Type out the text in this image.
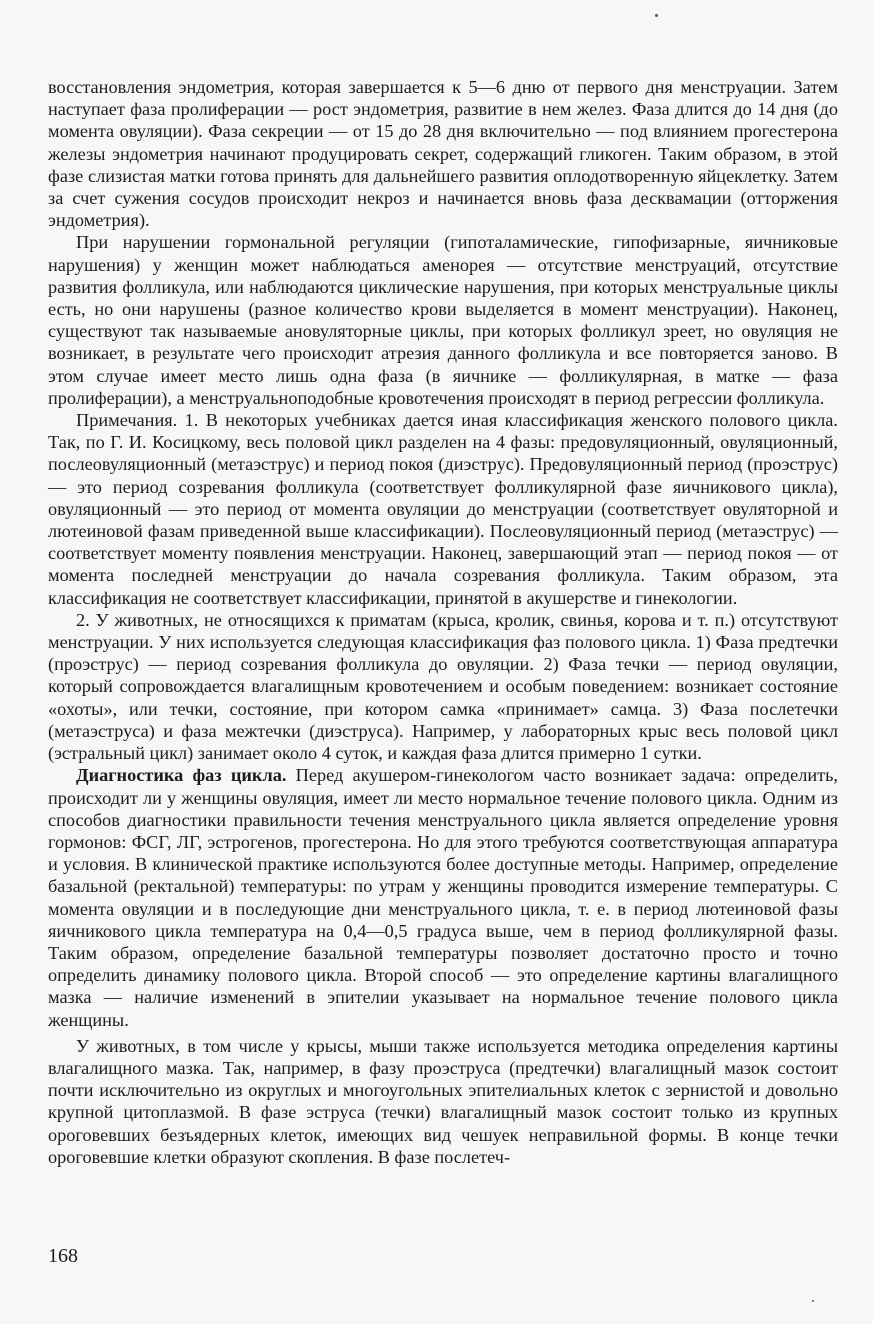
восстановления эндометрия, которая завершается к 5—6 дню от первого дня менструации. Затем наступает фаза пролиферации — рост эндометрия, развитие в нем желез. Фаза длится до 14 дня (до момента овуляции). Фаза секреции — от 15 до 28 дня включительно — под влиянием прогестерона железы эндометрия начинают продуцировать секрет, содержащий гликоген. Таким образом, в этой фазе слизистая матки готова принять для дальнейшего развития оплодотворенную яйцеклетку. Затем за счет сужения сосудов происходит некроз и начинается вновь фаза десквамации (отторжения эндометрия).

При нарушении гормональной регуляции (гипоталамические, гипофизарные, яичниковые нарушения) у женщин может наблюдаться аменорея — отсутствие менструаций, отсутствие развития фолликула, или наблюдаются циклические нарушения, при которых менструальные циклы есть, но они нарушены (разное количество крови выделяется в момент менструации). Наконец, существуют так называемые ановуляторные циклы, при которых фолликул зреет, но овуляция не возникает, в результате чего происходит атрезия данного фолликула и все повторяется заново. В этом случае имеет место лишь одна фаза (в яичнике — фолликулярная, в матке — фаза пролиферации), а менструальноподобные кровотечения происходят в период регрессии фолликула.

Примечания. 1. В некоторых учебниках дается иная классификация женского полового цикла. Так, по Г. И. Косицкому, весь половой цикл разделен на 4 фазы: предовуляционный, овуляционный, послеовуляционный (метаэструс) и период покоя (диэструс). Предовуляционный период (проэструс) — это период созревания фолликула (соответствует фолликулярной фазе яичникового цикла), овуляционный — это период от момента овуляции до менструации (соответствует овуляторной и лютеиновой фазам приведенной выше классификации). Послеовуляционный период (метаэструс) — соответствует моменту появления менструации. Наконец, завершающий этап — период покоя — от момента последней менструации до начала созревания фолликула. Таким образом, эта классификация не соответствует классификации, принятой в акушерстве и гинекологии.

2. У животных, не относящихся к приматам (крыса, кролик, свинья, корова и т. п.) отсутствуют менструации. У них используется следующая классификация фаз полового цикла. 1) Фаза предтечки (проэструс) — период созревания фолликула до овуляции. 2) Фаза течки — период овуляции, который сопровождается влагалищным кровотечением и особым поведением: возникает состояние «охоты», или течки, состояние, при котором самка «принимает» самца. 3) Фаза послетечки (метаэструса) и фаза межтечки (диэструса). Например, у лабораторных крыс весь половой цикл (эстральный цикл) занимает около 4 суток, и каждая фаза длится примерно 1 сутки.

Диагностика фаз цикла. Перед акушером-гинекологом часто возникает задача: определить, происходит ли у женщины овуляция, имеет ли место нормальное течение полового цикла. Одним из способов диагностики правильности течения менструального цикла является определение уровня гормонов: ФСГ, ЛГ, эстрогенов, прогестерона. Но для этого требуются соответствующая аппаратура и условия. В клинической практике используются более доступные методы. Например, определение базальной (ректальной) температуры: по утрам у женщины проводится измерение температуры. С момента овуляции и в последующие дни менструального цикла, т. е. в период лютеиновой фазы яичникового цикла температура на 0,4—0,5 градуса выше, чем в период фолликулярной фазы. Таким образом, определение базальной температуры позволяет достаточно просто и точно определить динамику полового цикла. Второй способ — это определение картины влагалищного мазка — наличие изменений в эпителии указывает на нормальное течение полового цикла женщины.

У животных, в том числе у крысы, мыши также используется методика определения картины влагалищного мазка. Так, например, в фазу проэструса (предтечки) влагалищный мазок состоит почти исключительно из округлых и многоугольных эпителиальных клеток с зернистой и довольно крупной цитоплазмой. В фазе эструса (течки) влагалищный мазок состоит только из крупных ороговевших безъядерных клеток, имеющих вид чешуек неправильной формы. В конце течки ороговевшие клетки образуют скопления. В фазе послетеч-

168
